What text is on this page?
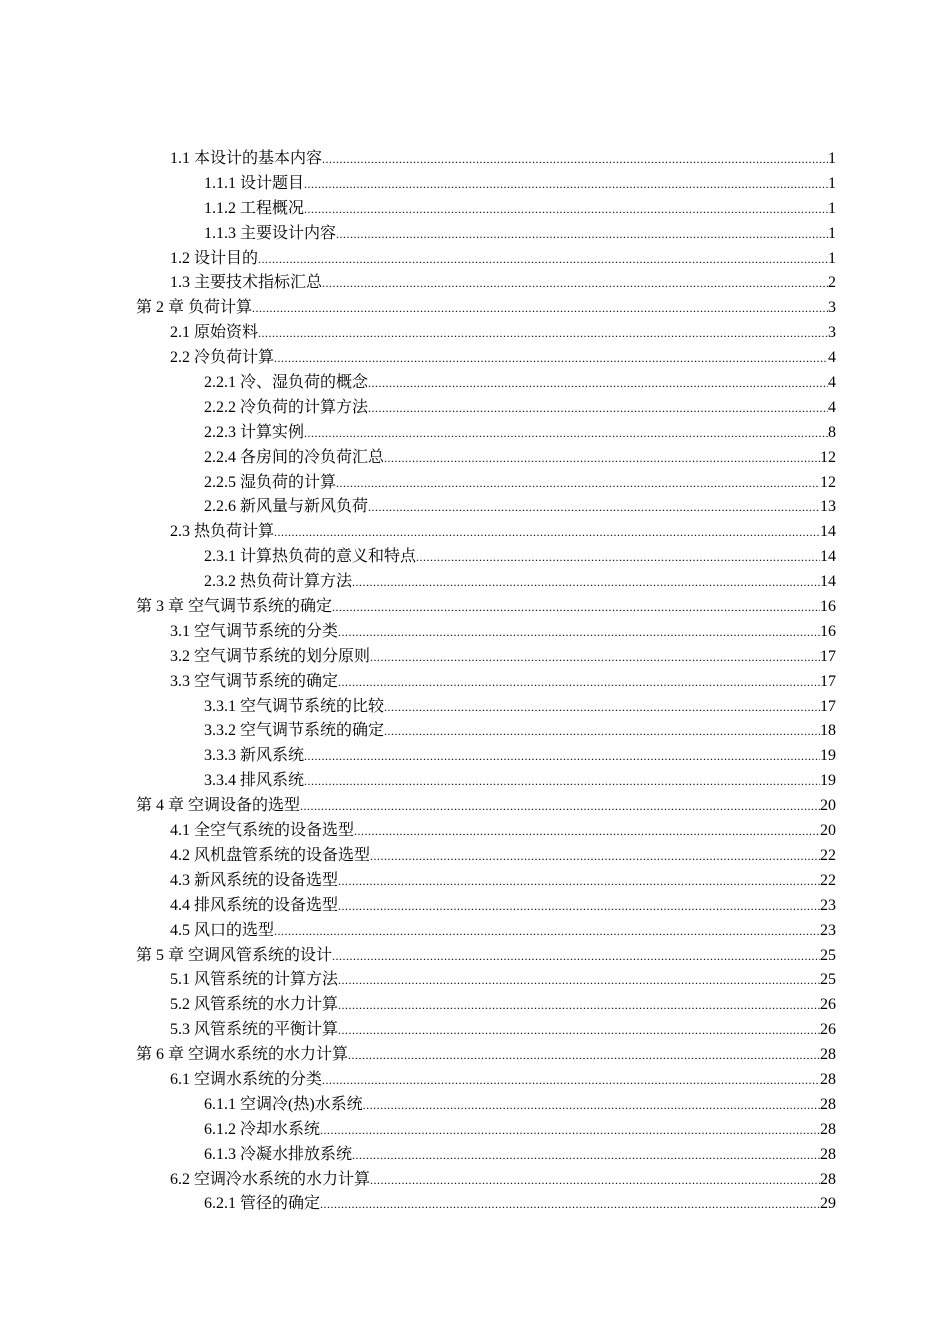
1.1 本设计的基本内容 .....	1
1.1.1 设计题目 .....	1
1.1.2 工程概况 .....	1
1.1.3 主要设计内容 .....	1
1.2 设计目的 .....	1
1.3 主要技术指标汇总 .....	2
第 2 章 负荷计算 .....	3
2.1 原始资料 .....	3
2.2 冷负荷计算 .....	4
2.2.1 冷、湿负荷的概念 .....	4
2.2.2 冷负荷的计算方法 .....	4
2.2.3 计算实例 .....	8
2.2.4 各房间的冷负荷汇总 .....	12
2.2.5 湿负荷的计算 .....	12
2.2.6 新风量与新风负荷 .....	13
2.3 热负荷计算 .....	14
2.3.1 计算热负荷的意义和特点 .....	14
2.3.2 热负荷计算方法 .....	14
第 3 章 空气调节系统的确定 .....	16
3.1 空气调节系统的分类 .....	16
3.2 空气调节系统的划分原则 .....	17
3.3 空气调节系统的确定 .....	17
3.3.1 空气调节系统的比较 .....	17
3.3.2 空气调节系统的确定 .....	18
3.3.3 新风系统 .....	19
3.3.4 排风系统 .....	19
第 4 章 空调设备的选型 .....	20
4.1 全空气系统的设备选型 .....	20
4.2 风机盘管系统的设备选型 .....	22
4.3 新风系统的设备选型 .....	22
4.4 排风系统的设备选型 .....	23
4.5 风口的选型 .....	23
第 5 章 空调风管系统的设计 .....	25
5.1 风管系统的计算方法 .....	25
5.2 风管系统的水力计算 .....	26
5.3 风管系统的平衡计算 .....	26
第 6 章 空调水系统的水力计算 .....	28
6.1 空调水系统的分类 .....	28
6.1.1 空调冷(热)水系统 .....	28
6.1.2 冷却水系统 .....	28
6.1.3 冷凝水排放系统 .....	28
6.2 空调冷水系统的水力计算 .....	28
6.2.1 管径的确定 .....	29
